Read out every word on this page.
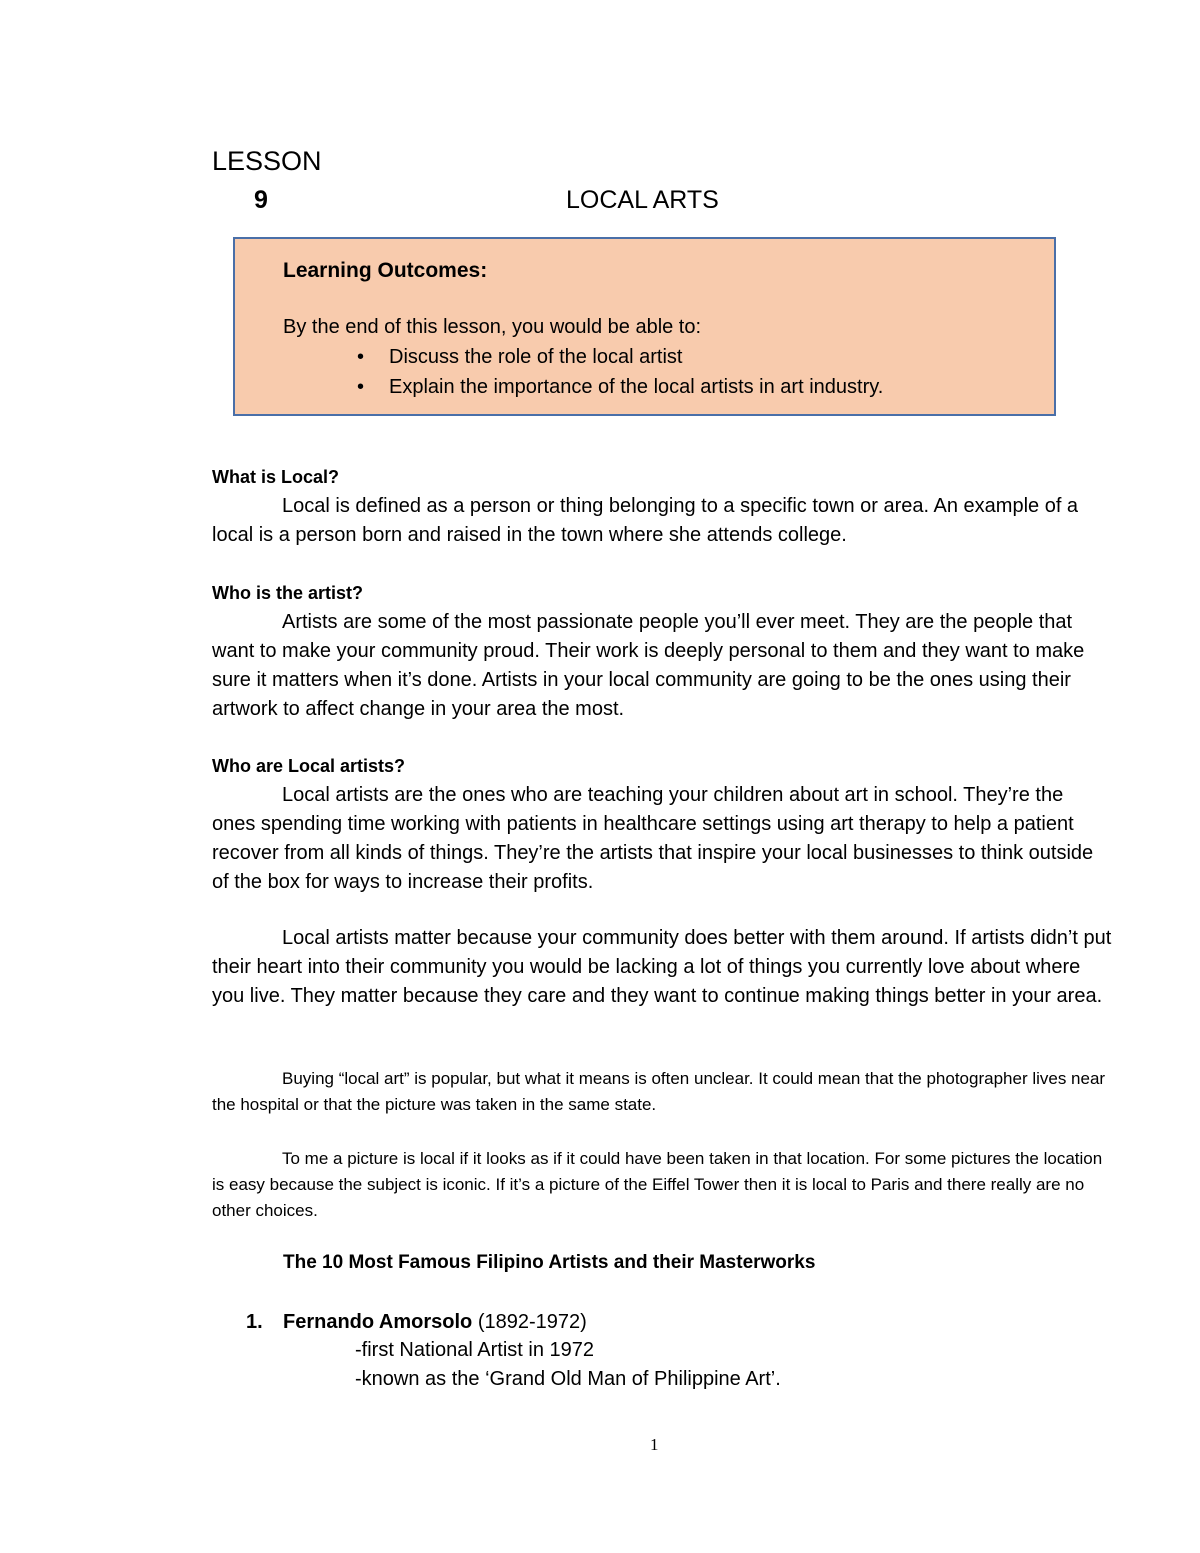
LESSON
9	LOCAL ARTS
Learning Outcomes:
By the end of this lesson, you would be able to:
•	Discuss the role of the local artist
•	Explain the importance of the local artists in art industry.
What is Local?
Local is defined as a person or thing belonging to a specific town or area. An example of a local is a person born and raised in the town where she attends college.
Who is the artist?
Artists are some of the most passionate people you’ll ever meet. They are the people that want to make your community proud. Their work is deeply personal to them and they want to make sure it matters when it’s done. Artists in your local community are going to be the ones using their artwork to affect change in your area the most.
Who are Local artists?
Local artists are the ones who are teaching your children about art in school. They’re the ones spending time working with patients in healthcare settings using art therapy to help a patient recover from all kinds of things. They’re the artists that inspire your local businesses to think outside of the box for ways to increase their profits.
Local artists matter because your community does better with them around. If artists didn’t put their heart into their community you would be lacking a lot of things you currently love about where you live. They matter because they care and they want to continue making things better in your area.
Buying “local art” is popular, but what it means is often unclear. It could mean that the photographer lives near the hospital or that the picture was taken in the same state.
To me a picture is local if it looks as if it could have been taken in that location. For some pictures the location is easy because the subject is iconic. If it’s a picture of the Eiffel Tower then it is local to Paris and there really are no other choices.
The 10 Most Famous Filipino Artists and their Masterworks
1. Fernando Amorsolo (1892-1972)
-first National Artist in 1972
-known as the ‘Grand Old Man of Philippine Art’.
1
